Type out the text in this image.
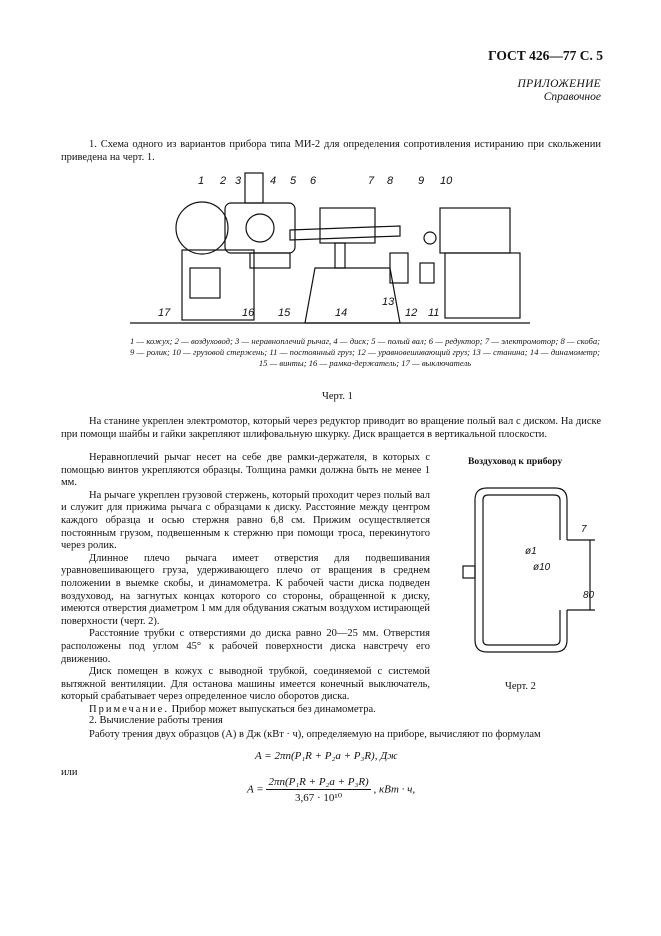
ГОСТ 426—77 С. 5
ПРИЛОЖЕНИЕ
Справочное

1. Схема одного из вариантов прибора типа МИ-2 для определения сопротивления истиранию при скольжении приведена на черт. 1.

1 2 3	4 5 6	7 8 9 10
17	16 15	14	12
13
11

1 — кожух; 2 — воздуховод; 3 — неравноплечий рычаг, 4 — диск; 5 — полый вал; 6 — редуктор; 7 — электромотор; 8 — скоба; 9 — ролик; 10 — грузовой стержень; 11 — постоянный груз; 12 — уравновешивающий груз; 13 — станина; 14 — динамометр; 15 — винты; 16 — рамка-держатель; 17 — выключатель

Черт. 1

На станине укреплен электромотор, который через редуктор приводит во вращение полый вал с диском. На диске при помощи шайбы и гайки закрепляют шлифовальную шкурку. Диск вращается в вертикальной плоскости.

Неравноплечий рычаг несет на себе две рамки-держателя, в которых с помощью винтов укрепляются образцы. Толщина рамки должна быть не менее 1 мм.

На рычаге укреплен грузовой стержень, который проходит через полый вал и служит для прижима рычага с образцами к диску. Расстояние между центром каждого образца и осью стержня равно 6,8 см. Прижим осуществляется постоянным грузом, подвешенным к стержню при помощи троса, перекинутого через ролик.

Длинное плечо рычага имеет отверстия для подвешивания уравновешивающего груза, удерживающего плечо от вращения в среднем положении в выемке скобы, и динамометра. К рабочей части диска подведен воздуховод, на загнутых концах которого со стороны, обращенной к диску, имеются отверстия диаметром 1 мм для обдувания сжатым воздухом истирающей поверхности (черт. 2).

Расстояние трубки с отверстиями до диска равно 20—25 мм. Отверстия расположены под углом 45° к рабочей поверхности диска навстречу его движению.

Диск помещен в кожух с выводной трубкой, соединяемой с системой вытяжной вентиляции. Для останова машины имеется конечный выключатель, который срабатывает через определенное число оборотов диска.

Примечание. Прибор может выпускаться без динамометра.

Воздуховод к прибору
ø1
ø10
7
80
Черт. 2

2. Вычисление работы трения

Работу трения двух образцов (A) в Дж (кВт · ч), определяемую на приборе, вычисляют по формулам

A = 2πn(P₁R + P₂a + P₃R), Дж
или
$A = \frac{\text{2πn(P₁R + P₂a + P₃R)}}{\text{3,67 · 10¹⁰}}$ , кВт · ч,
